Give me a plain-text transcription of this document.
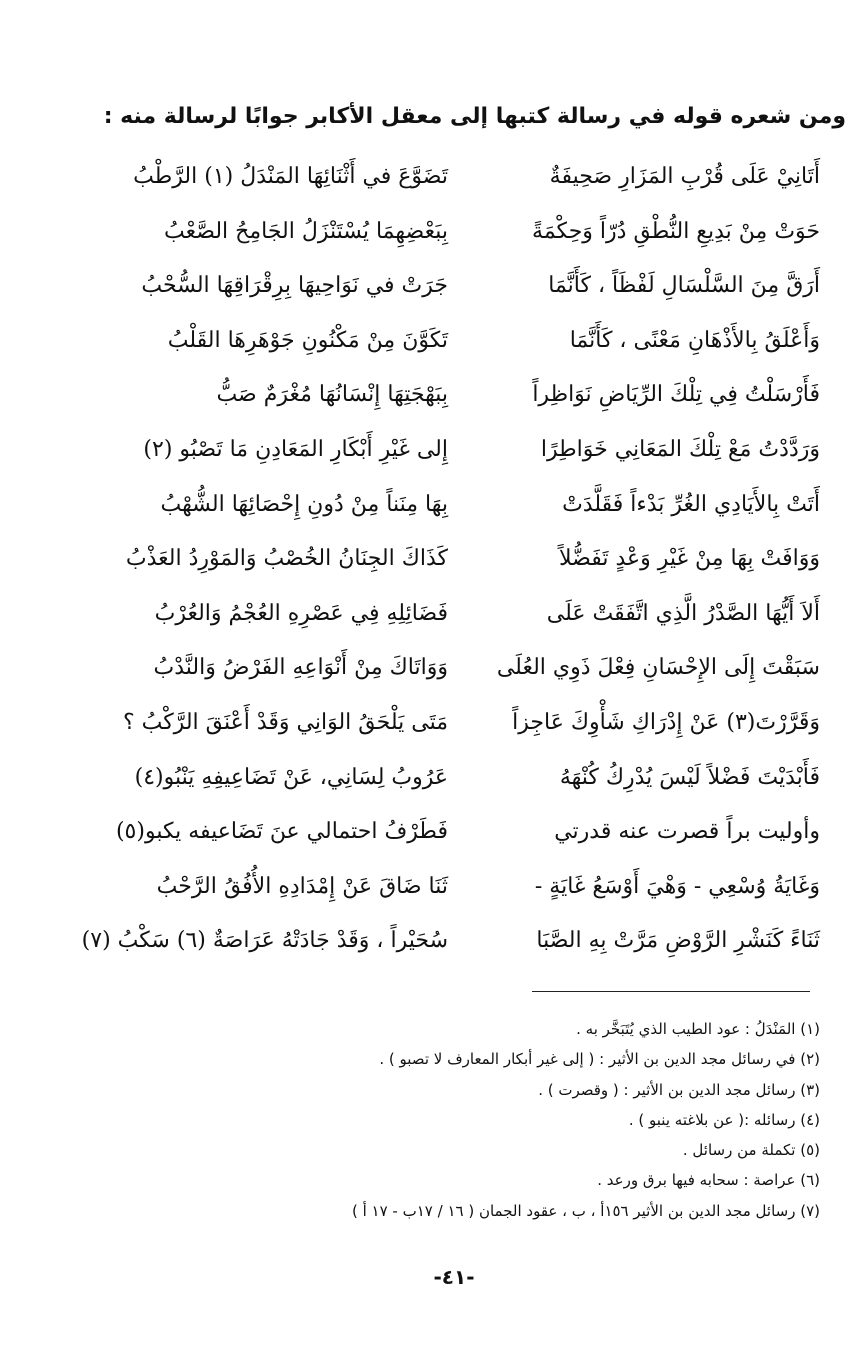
ومن شعره قوله في رسالة كتبها إلى معقل الأكابر جوابًا لرسالة منه :
أَتَانِيْ عَلَى قُرْبِ المَزَارِ صَحِيفَةٌ
تَضَوَّعَ في أَثْنَائِهَا المَنْدَلُ (١) الرَّطْبُ
حَوَتْ مِنْ بَدِيعِ النُّطْقِ دُرّاً وَحِكْمَةً
بِبَعْضِهِمَا يُسْتَنْزَلُ الجَامِحُ الصَّعْبُ
أَرَقَّ مِنَ السَّلْسَالِ لَفْظَاً ، كَأَنَّمَا
جَرَتْ في نَوَاحِيهَا بِرِقْرَاقِهَا السُّحْبُ
وَأَعْلَقُ بِالأَذْهَانِ مَعْنًى ، كَأَنَّمَا
تَكَوَّنَ مِنْ مَكْنُونِ جَوْهَرِهَا القَلْبُ
فَأَرْسَلْتُ فِي تِلْكَ الرِّيَاضِ نَوَاظِراً
بِبَهْجَتِهَا إِنْسَانُهَا مُغْرَمٌ صَبُّ
وَرَدَّدْتُ مَعْ تِلْكَ المَعَانِي خَوَاطِرًا
إِلى غَيْرِ أَبْكَارِ المَعَادِنِ مَا تَصْبُو (٢)
أَتَتْ بِالأَيَادِي الغُرِّ بَدْءاً فَقَلَّدَتْ
بِهَا مِنَناً مِنْ دُونِ إِحْصَائِهَا الشُّهْبُ
وَوَافَتْ بِهَا مِنْ غَيْرِ وَعْدٍ تَفَضُّلاً
كَذَاكَ الجِنَانُ الخُصْبُ وَالمَوْرِدُ العَذْبُ
أَلاَ أَيُّهَا الصَّدْرُ الَّذِي اتَّفَقَتْ عَلَى
فَضَائِلِهِ فِي عَصْرِهِ العُجْمُ وَالعُرْبُ
سَبَقْتَ إِلَى الإِحْسَانِ فِعْلَ ذَوِي العُلَى
وَوَاتَاكَ مِنْ أَنْوَاعِهِ الفَرْضُ وَالنَّدْبُ
وَقَرَّرْتَ(٣) عَنْ إِدْرَاكِ شَأْوِكَ عَاجِزاً
مَتَى يَلْحَقُ الوَانِي وَقَدْ أَعْنَقَ الرَّكْبُ ؟
فَأَبْدَيْتَ فَضْلاً لَيْسَ يُدْرِكُ كُنْهَهُ
عَرُوبُ لِسَانِي، عَنْ تَضَاعِيفِهِ يَنْبُو(٤)
وأوليت براً قصرت عنه قدرتي
فَطَرْفُ احتمالي عنَ تَضَاعيفه يكبو(٥)
وَغَايَةُ وُسْعِي - وَهْيَ أَوْسَعُ غَايَةٍ -
ثَنَا ضَاقَ عَنْ إِمْدَادِهِ الأُفُقُ الرَّحْبُ
ثَنَاءً كَنَشْرِ الرَّوْضِ مَرَّتْ بِهِ الصَّبَا
سُحَيْراً ، وَقَدْ جَادَتْهُ عَرَاصَةٌ (٦) سَكْبُ (٧)
(١) المَنْدَلُ : عود الطيب الذي يُتَبَخَّر به .
(٢) في رسائل مجد الدين بن الأثير : ( إلى غير أبكار المعارف لا تصبو ) .
(٣) رسائل مجد الدين بن الأثير : ( وقصرت ) .
(٤) رسائله :( عن بلاغته ينبو ) .
(٥) تكملة من رسائل .
(٦) عراصة : سحابه فيها برق ورعد .
(٧) رسائل مجد الدين بن الأثير ١٥٦أ ، ب ، عقود الجمان ( ١٦ / ١٧ب - ١٧ أ )
-٤١-
